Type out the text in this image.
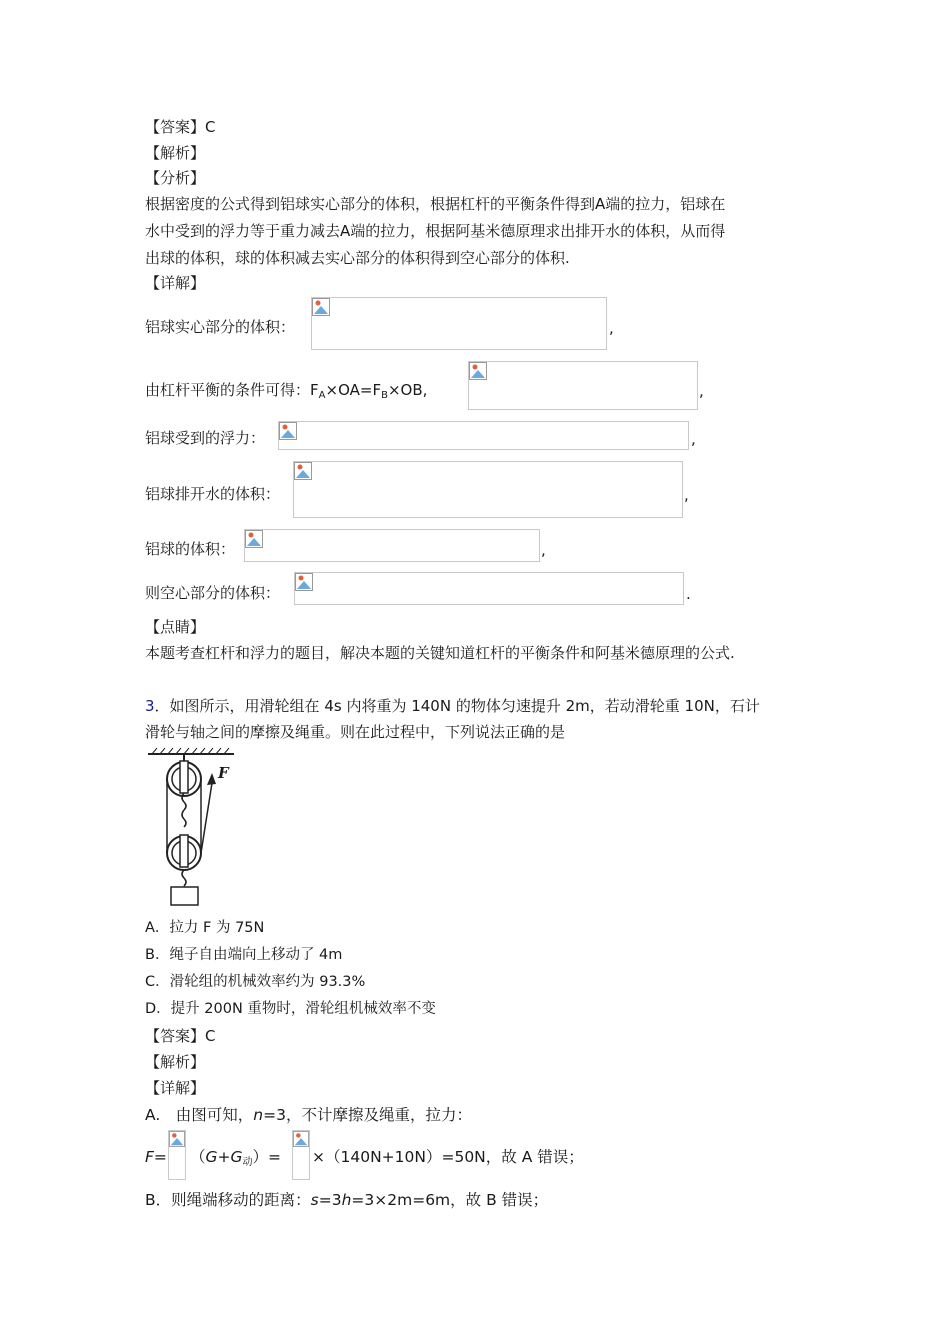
【答案】C
【解析】
【分析】
根据密度的公式得到铝球实心部分的体积，根据杠杆的平衡条件得到A端的拉力，铝球在
水中受到的浮力等于重力减去A端的拉力，根据阿基米德原理求出排开水的体积，从而得
出球的体积，球的体积减去实心部分的体积得到空心部分的体积.
【详解】
铝球实心部分的体积：	,
由杠杆平衡的条件可得：$F_A\times OA=F_B\times OB$,	,
铝球受到的浮力：	,
铝球排开水的体积：	,
铝球的体积：	,
则空心部分的体积：	.
【点睛】
本题考查杠杆和浮力的题目，解决本题的关键知道杠杆的平衡条件和阿基米德原理的公式.
3．如图所示，用滑轮组在 4s 内将重为 140N 的物体匀速提升 2m，若动滑轮重 10N，石计
滑轮与轴之间的摩擦及绳重。则在此过程中，下列说法正确的是
F
A．拉力 F 为 75N
B．绳子自由端向上移动了 4m
C．滑轮组的机械效率约为 93.3%
D．提升 200N 重物时，滑轮组机械效率不变
【答案】C
【解析】
【详解】
A.　由图可知，n=3，不计摩擦及绳重，拉力：
$F= (G+G_动)= \times(140N+10N)=50N$，故 A 错误；
B．则绳端移动的距离：s=3h=3×2m=6m，故 B 错误；
